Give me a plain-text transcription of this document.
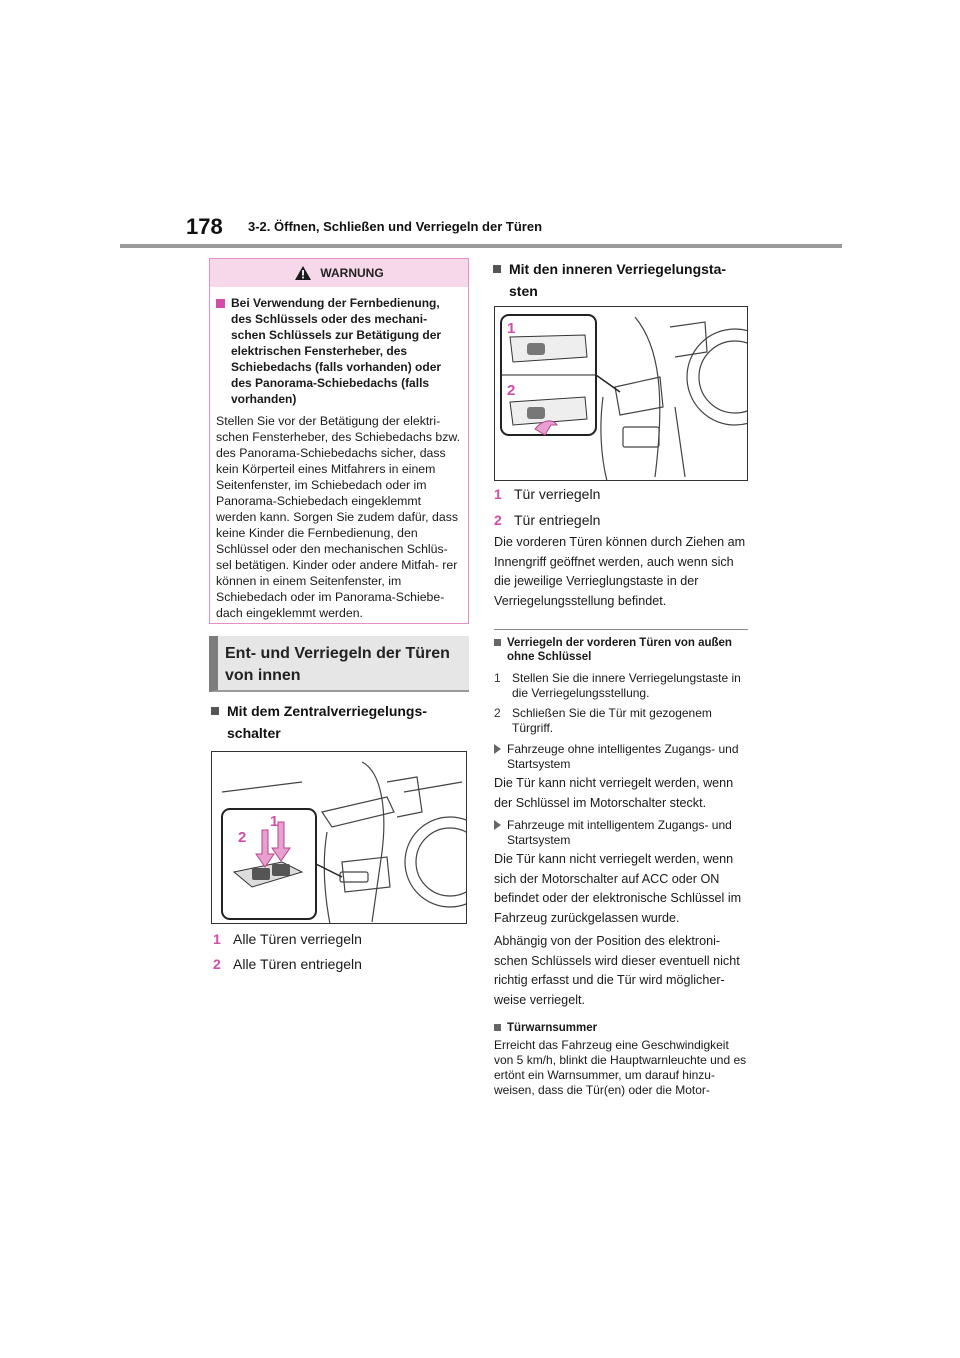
178 3-2. Öffnen, Schließen und Verriegeln der Türen
WARNUNG
Bei Verwendung der Fernbedienung, des Schlüssels oder des mechani- schen Schlüssels zur Betätigung der elektrischen Fensterheber, des Schiebedachs (falls vorhanden) oder des Panorama-Schiebedachs (falls vorhanden)
Stellen Sie vor der Betätigung der elektri- schen Fensterheber, des Schiebedachs bzw. des Panorama-Schiebedachs sicher, dass kein Körperteil eines Mitfahrers in einem Seitenfenster, im Schiebedach oder im Panorama-Schiebedach eingeklemmt werden kann. Sorgen Sie zudem dafür, dass keine Kinder die Fernbedienung, den Schlüssel oder den mechanischen Schlüs- sel betätigen. Kinder oder andere Mitfah- rer können in einem Seitenfenster, im Schiebedach oder im Panorama-Schiebe- dach eingeklemmt werden.
Ent- und Verriegeln der Türen von innen
Mit dem Zentralverriegelungs- schalter
2
1
1 Alle Türen verriegeln
2 Alle Türen entriegeln
Mit den inneren Verriegelungsta- sten
1
2
1 Tür verriegeln
2 Tür entriegeln
Die vorderen Türen können durch Ziehen am Innengriff geöffnet werden, auch wenn sich die jeweilige Verrieglungstaste in der Verriegelungsstellung befindet.
Verriegeln der vorderen Türen von außen ohne Schlüssel
1 Stellen Sie die innere Verriegelungstaste in die Verriegelungsstellung.
2 Schließen Sie die Tür mit gezogenem Türgriff.
Fahrzeuge ohne intelligentes Zugangs- und Startsystem
Die Tür kann nicht verriegelt werden, wenn der Schlüssel im Motorschalter steckt.
Fahrzeuge mit intelligentem Zugangs- und Startsystem
Die Tür kann nicht verriegelt werden, wenn sich der Motorschalter auf ACC oder ON befindet oder der elektronische Schlüssel im Fahrzeug zurückgelassen wurde.
Abhängig von der Position des elektroni- schen Schlüssels wird dieser eventuell nicht richtig erfasst und die Tür wird möglicher- weise verriegelt.
Türwarnsummer
Erreicht das Fahrzeug eine Geschwindigkeit von 5 km/h, blinkt die Hauptwarnleuchte und es ertönt ein Warnsummer, um darauf hinzu- weisen, dass die Tür(en) oder die Motor-
